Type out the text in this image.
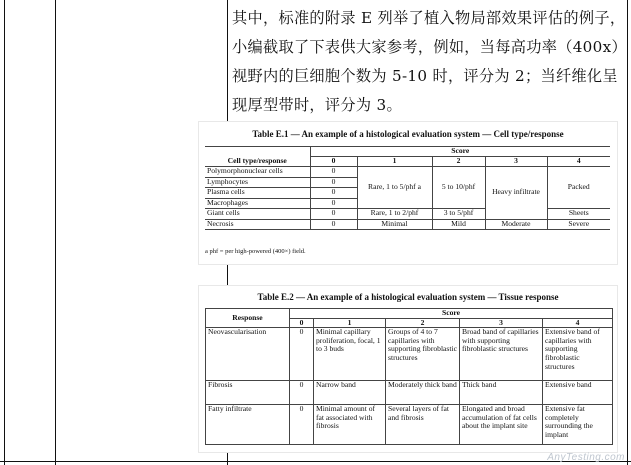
其中，标准的附录 E 列举了植入物局部效果评估的例子，小编截取了下表供大家参考，例如，当每高功率（400x）视野内的巨细胞个数为 5-10 时，评分为 2；当纤维化呈现厚型带时，评分为 3。
Table E.1 — An example of a histological evaluation system — Cell type/response
Cell type/response	Score				
	0	1	2	3	4
Polymorphonuclear cells	0	Rare, 1 to 5/phf a	5 to 10/phf	Heavy infiltrate	Packed
Lymphocytes	0				
Plasma cells	0				
Macrophages	0				
Giant cells	0	Rare, 1 to 2/phf	3 to 5/phf		Sheets
Necrosis	0	Minimal	Mild	Moderate	Severe
a phf = per high-powered (400×) field.
Table E.2 — An example of a histological evaluation system — Tissue response
Response	Score				
	0	1	2	3	4
Neovascularisation	0	Minimal capillary proliferation, focal, 1 to 3 buds	Groups of 4 to 7 capillaries with supporting fibroblastic structures	Broad band of capillaries with supporting fibroblastic structures	Extensive band of capillaries with supporting fibroblastic structures
Fibrosis	0	Narrow band	Moderately thick band	Thick band	Extensive band
Fatty infiltrate	0	Minimal amount of fat associated with fibrosis	Several layers of fat and fibrosis	Elongated and broad accumulation of fat cells about the implant site	Extensive fat completely surrounding the implant
AnyTesting.com
